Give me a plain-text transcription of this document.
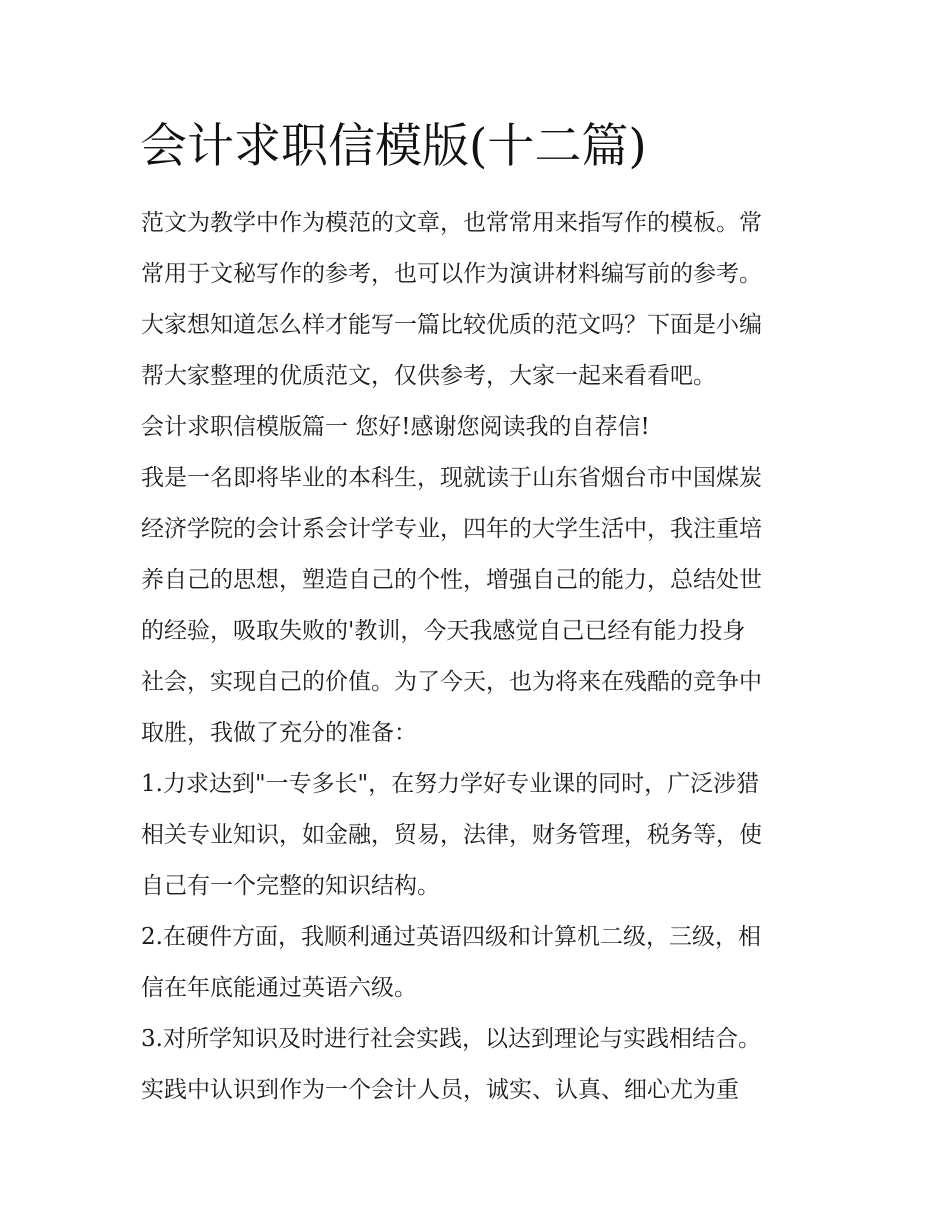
会计求职信模版(十二篇)

范文为教学中作为模范的文章，也常常用来指写作的模板。常

常用于文秘写作的参考，也可以作为演讲材料编写前的参考。

大家想知道怎么样才能写一篇比较优质的范文吗？下面是小编

帮大家整理的优质范文，仅供参考，大家一起来看看吧。

会计求职信模版篇一 您好!感谢您阅读我的自荐信!

我是一名即将毕业的本科生，现就读于山东省烟台市中国煤炭

经济学院的会计系会计学专业，四年的大学生活中，我注重培

养自己的思想，塑造自己的个性，增强自己的能力，总结处世

的经验，吸取失败的'教训，今天我感觉自己已经有能力投身

社会，实现自己的价值。为了今天，也为将来在残酷的竞争中

取胜，我做了充分的准备：

1.力求达到"一专多长"，在努力学好专业课的同时，广泛涉猎

相关专业知识，如金融，贸易，法律，财务管理，税务等，使

自己有一个完整的知识结构。

2.在硬件方面，我顺利通过英语四级和计算机二级，三级，相

信在年底能通过英语六级。

3.对所学知识及时进行社会实践，以达到理论与实践相结合。

实践中认识到作为一个会计人员，诚实、认真、细心尤为重
